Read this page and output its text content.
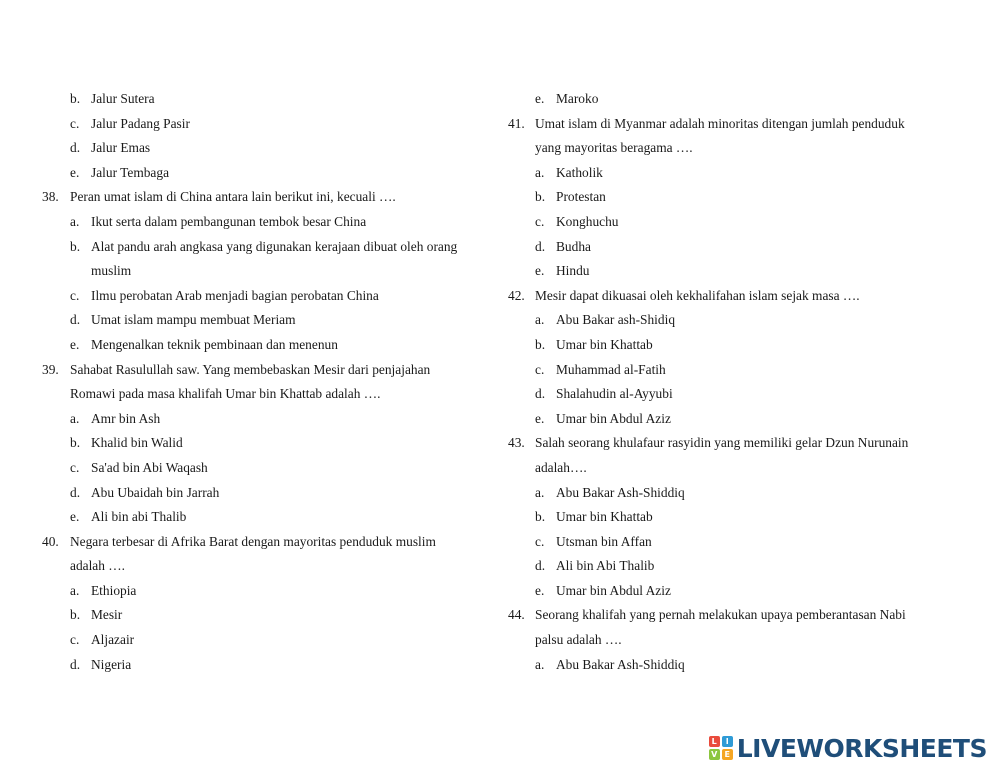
b. Jalur Sutera
c. Jalur Padang Pasir
d. Jalur Emas
e. Jalur Tembaga
38. Peran umat islam di China antara lain berikut ini, kecuali ….
a. Ikut serta dalam pembangunan tembok besar China
b. Alat pandu arah angkasa yang digunakan kerajaan dibuat oleh orang
muslim
c. Ilmu perobatan Arab menjadi bagian perobatan China
d. Umat islam mampu membuat Meriam
e. Mengenalkan teknik pembinaan dan menenun
39. Sahabat Rasulullah saw. Yang membebaskan Mesir dari penjajahan
Romawi pada masa khalifah Umar bin Khattab adalah ….
a. Amr bin Ash
b. Khalid bin Walid
c. Sa'ad bin Abi Waqash
d. Abu Ubaidah bin Jarrah
e. Ali bin abi Thalib
40. Negara terbesar di Afrika Barat dengan mayoritas penduduk muslim
adalah ….
a. Ethiopia
b. Mesir
c. Aljazair
d. Nigeria
e. Maroko
41. Umat islam di Myanmar adalah minoritas ditengan jumlah penduduk
yang mayoritas beragama ….
a. Katholik
b. Protestan
c. Konghuchu
d. Budha
e. Hindu
42. Mesir dapat dikuasai oleh kekhalifahan islam sejak masa ….
a. Abu Bakar ash-Shidiq
b. Umar bin Khattab
c. Muhammad al-Fatih
d. Shalahudin al-Ayyubi
e. Umar bin Abdul Aziz
43. Salah seorang khulafaur rasyidin yang memiliki gelar Dzun Nurunain
adalah….
a. Abu Bakar Ash-Shiddiq
b. Umar bin Khattab
c. Utsman bin Affan
d. Ali bin Abi Thalib
e. Umar bin Abdul Aziz
44. Seorang khalifah yang pernah melakukan upaya pemberantasan Nabi
palsu adalah ….
a. Abu Bakar Ash-Shiddiq
L	I
V E LIVEWORKSHEETS
